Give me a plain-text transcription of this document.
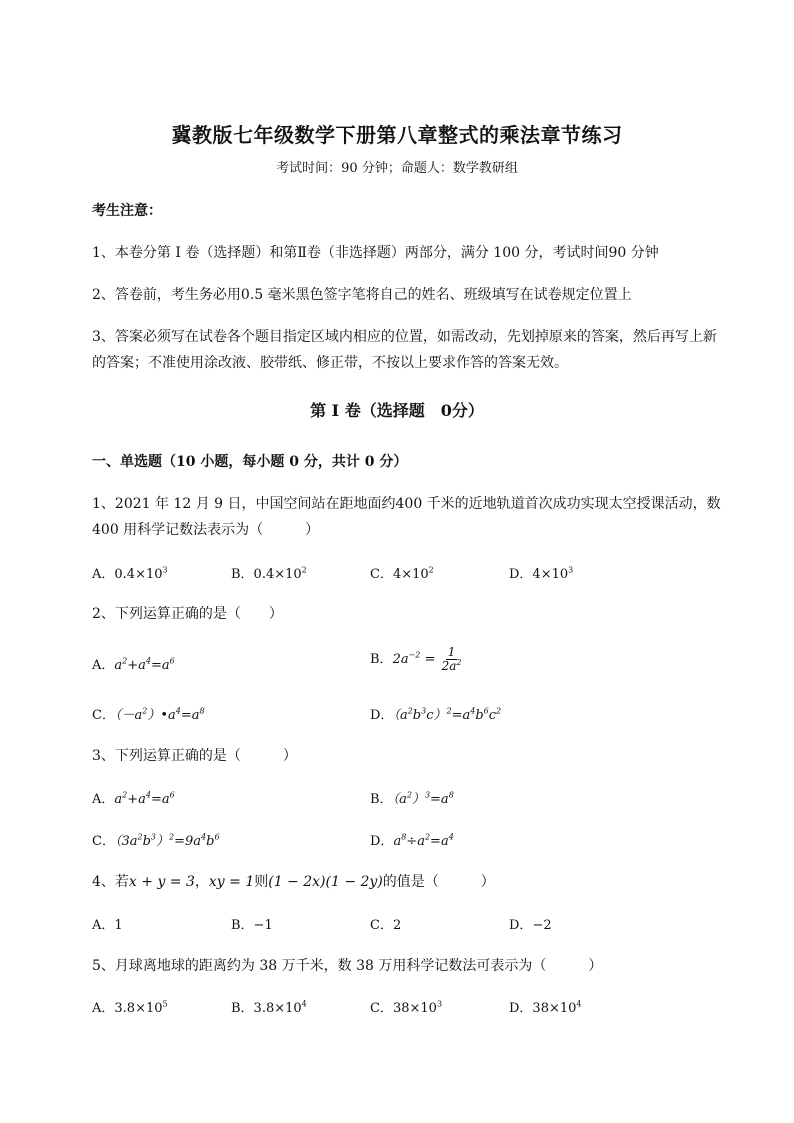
冀教版七年级数学下册第八章整式的乘法章节练习
考试时间：90 分钟；命题人：数学教研组
考生注意：
1、本卷分第 I 卷（选择题）和第Ⅱ卷（非选择题）两部分，满分 100 分，考试时间90 分钟
2、答卷前，考生务必用0.5 毫米黑色签字笔将自己的姓名、班级填写在试卷规定位置上
3、答案必须写在试卷各个题目指定区域内相应的位置，如需改动，先划掉原来的答案，然后再写上新
的答案；不准使用涂改液、胶带纸、修正带，不按以上要求作答的答案无效。
第 I 卷（选择题　0分）
一、单选题（10 小题，每小题 0 分，共计 0 分）
1、2021 年 12 月 9 日，中国空间站在距地面约400 千米的近地轨道首次成功实现太空授课活动，数
400 用科学记数法表示为（　　　）
A．$0.4\times 10^3$	B．$0.4\times 10^2$	C．$4\times 10^2$	D．$4\times 10^3$
2、下列运算正确的是（　　）
A．$a^2+a^4=a^6$	B．$2a^{-2} = \frac{1}{2a^2}$
C．$(-a^2)•a^4=a^8$	D．$(a^2b^3c)^2=a^4b^6c^2$
3、下列运算正确的是（　　　）
A．$a^2+a^4=a^6$	B．$(a^2)^3=a^8$
C．$(3a^2b^3)^2=9a^4b^6$	D．$a^8\div a^2=a^4$
4、若x + y = 3，xy = 1则(1 − 2x)(1 − 2y)的值是（　　　）
A．1	B．−1	C．2	D．−2
5、月球离地球的距离约为 38 万千米，数 38 万用科学记数法可表示为（　　　）
A．$3.8\times 10^5$	B．$3.8\times 10^4$	C．$38\times 10^3$	D．$38\times 10^4$
